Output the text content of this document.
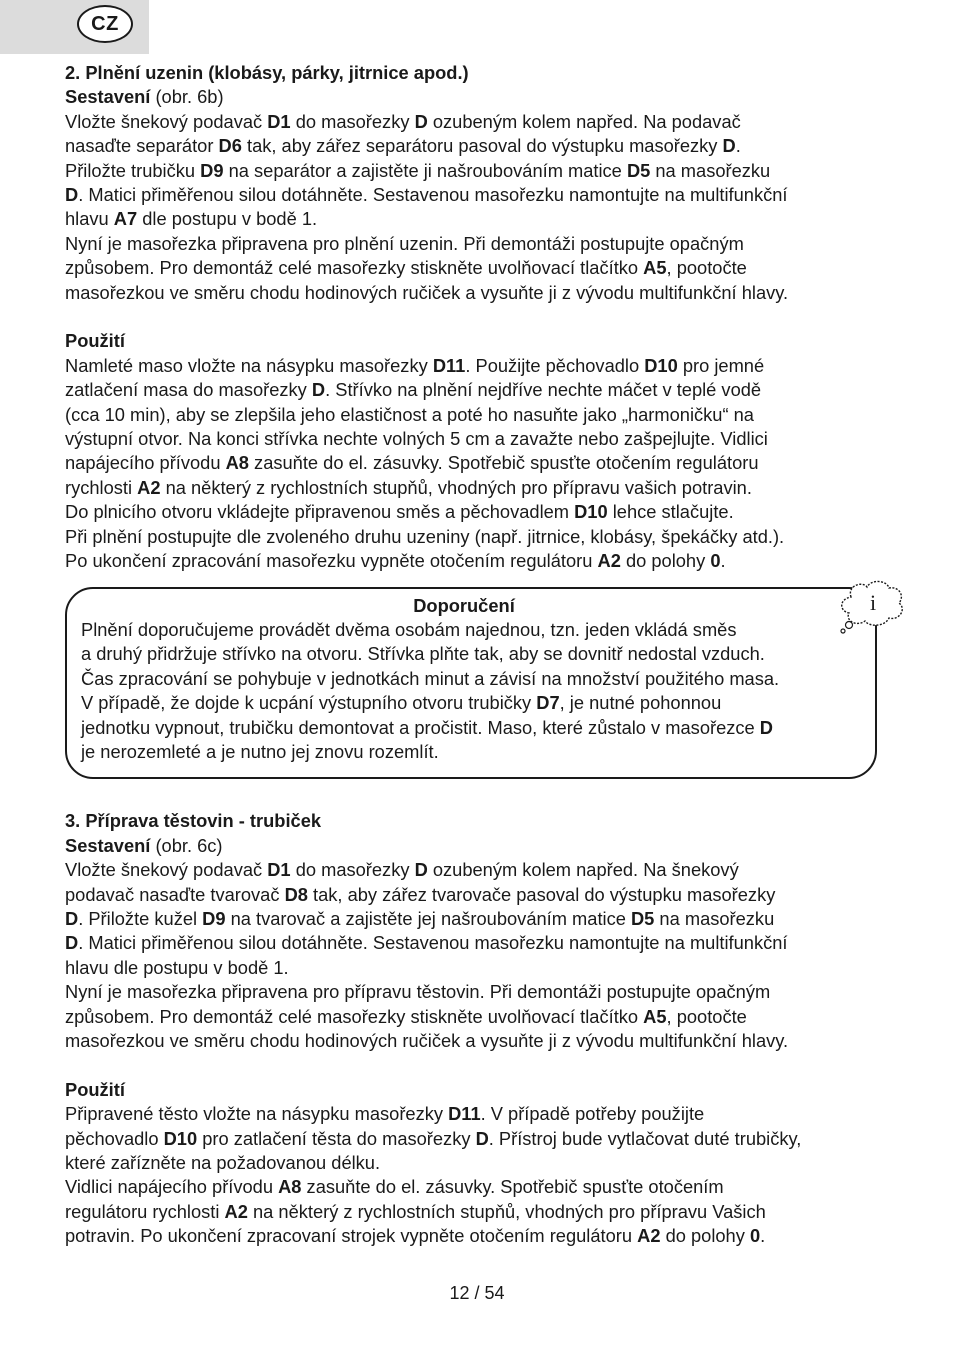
CZ

2. Plnění uzenin (klobásy, párky, jitrnice apod.)

Sestavení (obr. 6b)

Vložte šnekový podavač D1 do masořezky D ozubeným kolem napřed. Na podavač
nasaďte separátor D6 tak, aby zářez separátoru pasoval do výstupku masořezky D.
Přiložte trubičku D9 na separátor a zajistěte ji našroubováním matice D5 na masořezku
D. Matici přiměřenou silou dotáhněte. Sestavenou masořezku namontujte na multifunkční
hlavu A7 dle postupu v bodě 1.
Nyní je masořezka připravena pro plnění uzenin. Při demontáži postupujte opačným
způsobem. Pro demontáž celé masořezky stiskněte uvolňovací tlačítko A5, pootočte
masořezkou ve směru chodu hodinových ručiček a vysuňte ji z vývodu multifunkční hlavy.

Použití

Namleté maso vložte na násypku masořezky D11. Použijte pěchovadlo D10 pro jemné
zatlačení masa do masořezky D. Střívko na plnění nejdříve nechte máčet v teplé vodě
(cca 10 min), aby se zlepšila jeho elastičnost a poté ho nasuňte jako „harmoničku“ na
výstupní otvor. Na konci střívka nechte volných 5 cm a zavažte nebo zašpejlujte. Vidlici
napájecího přívodu A8 zasuňte do el. zásuvky. Spotřebič spusťte otočením regulátoru
rychlosti A2 na některý z rychlostních stupňů, vhodných pro přípravu vašich potravin.
Do plnicího otvoru vkládejte připravenou směs a pěchovadlem D10 lehce stlačujte.
Při plnění postupujte dle zvoleného druhu uzeniny (např. jitrnice, klobásy, špekáčky atd.).
Po ukončení zpracování masořezku vypněte otočením regulátoru A2 do polohy 0.
i

Doporučení

Plnění doporučujeme provádět dvěma osobám najednou, tzn. jeden vkládá směs
a druhý přidržuje střívko na otvoru. Střívka plňte tak, aby se dovnitř nedostal vzduch.
Čas zpracování se pohybuje v jednotkách minut a závisí na množství použitého masa.
V případě, že dojde k ucpání výstupního otvoru trubičky D7, je nutné pohonnou
jednotku vypnout, trubičku demontovat a pročistit. Maso, které zůstalo v masořezce D
je nerozemleté a je nutno jej znovu rozemlít.

3. Příprava těstovin - trubiček

Sestavení (obr. 6c)

Vložte šnekový podavač D1 do masořezky D ozubeným kolem napřed. Na šnekový
podavač nasaďte tvarovač D8 tak, aby zářez tvarovače pasoval do výstupku masořezky
D. Přiložte kužel D9 na tvarovač a zajistěte jej našroubováním matice D5 na masořezku
D. Matici přiměřenou silou dotáhněte. Sestavenou masořezku namontujte na multifunkční
hlavu dle postupu v bodě 1.
Nyní je masořezka připravena pro přípravu těstovin. Při demontáži postupujte opačným
způsobem. Pro demontáž celé masořezky stiskněte uvolňovací tlačítko A5, pootočte
masořezkou ve směru chodu hodinových ručiček a vysuňte ji z vývodu multifunkční hlavy.

Použití

Připravené těsto vložte na násypku masořezky D11. V případě potřeby použijte
pěchovadlo D10 pro zatlačení těsta do masořezky D. Přístroj bude vytlačovat duté trubičky,
které zařízněte na požadovanou délku.
Vidlici napájecího přívodu A8 zasuňte do el. zásuvky. Spotřebič spusťte otočením
regulátoru rychlosti A2 na některý z rychlostních stupňů, vhodných pro přípravu Vašich
potravin. Po ukončení zpracovaní strojek vypněte otočením regulátoru A2 do polohy 0.
12 / 54
